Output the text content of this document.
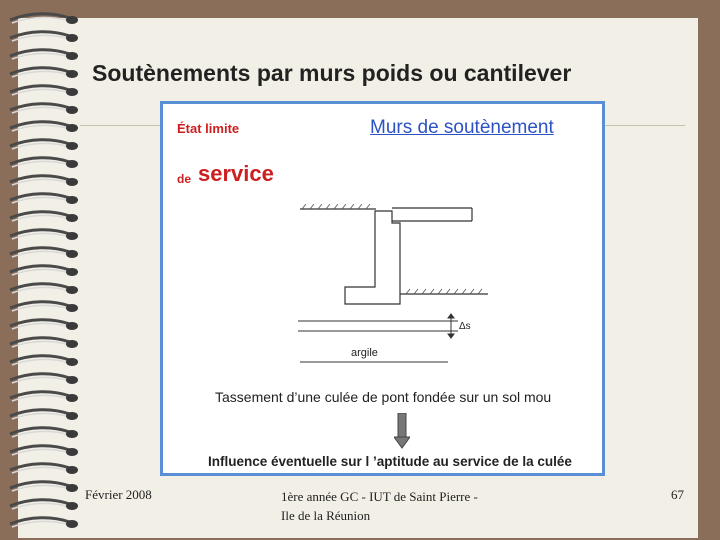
Soutènements par murs poids ou cantilever
État limite
de service
Murs de soutènement
Δs
argile
Tassement d’une culée de pont fondée sur un sol mou
Influence éventuelle sur l ’aptitude au service de la culée
Février 2008	1ère année GC - IUT de Saint Pierre -
Ile de la Réunion
67
